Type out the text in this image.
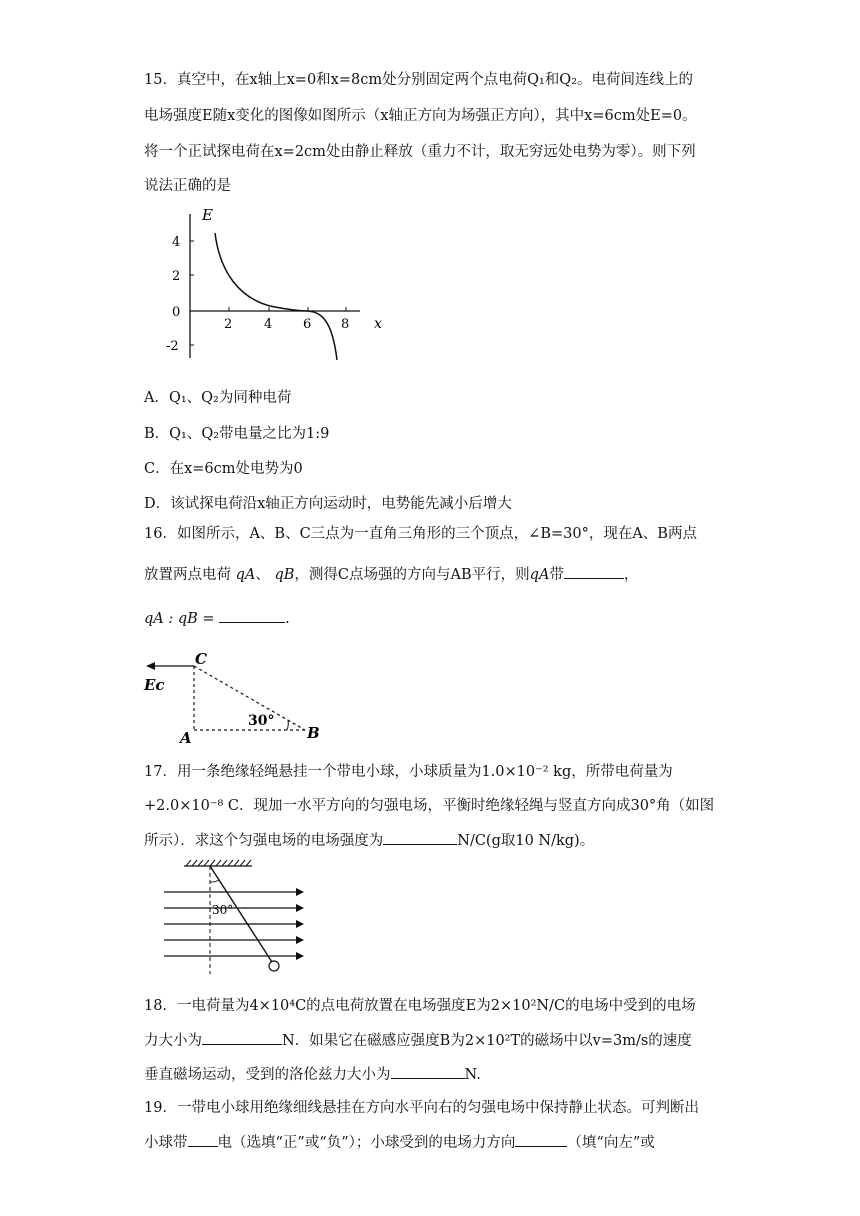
15．真空中，在x轴上x=0和x=8cm处分别固定两个点电荷Q₁和Q₂。电荷间连线上的
电场强度E随x变化的图像如图所示（x轴正方向为场强正方向），其中x=6cm处E=0。
将一个正试探电荷在x=2cm处由静止释放（重力不计，取无穷远处电势为零）。则下列
说法正确的是
E
x
4
2
0
-2
2 4 6 8
A．Q₁、Q₂为同种电荷
B．Q₁、Q₂带电量之比为1:9
C．在x=6cm处电势为0
D．该试探电荷沿x轴正方向运动时，电势能先减小后增大
16．如图所示，A、B、C三点为一直角三角形的三个顶点，∠B=30°，现在A、B两点
放置两点电荷 qA、 qB，测得C点场强的方向与AB平行，则qA带	，
qA : qB =	.
Ec
C
A	B
30°
17．用一条绝缘轻绳悬挂一个带电小球，小球质量为1.0×10⁻² kg，所带电荷量为
+2.0×10⁻⁸ C．现加一水平方向的匀强电场，平衡时绝缘轻绳与竖直方向成30°角（如图
所示）．求这个匀强电场的电场强度为	N/C(g取10 N/kg)。
30°
18．一电荷量为4×10⁴C的点电荷放置在电场强度E为2×10²N/C的电场中受到的电场
力大小为	N．如果它在磁感应强度B为2×10²T的磁场中以v=3m/s的速度
垂直磁场运动，受到的洛伦兹力大小为	N.
19．一带电小球用绝缘细线悬挂在方向水平向右的匀强电场中保持静止状态。可判断出
小球带 电（选填“正”或“负”）；小球受到的电场力方向	（填“向左”或
